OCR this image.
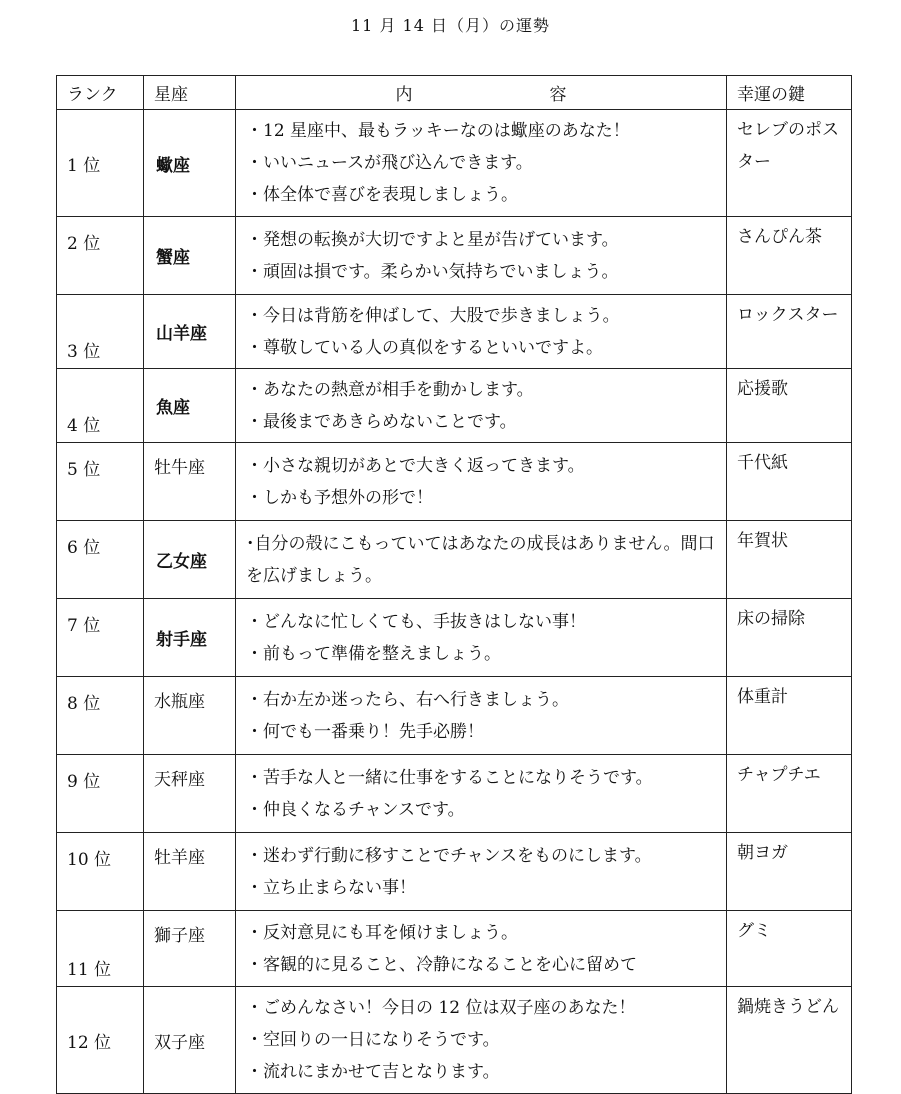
11 月 14 日（月）の運勢
ランク	星座	内　容	幸運の鍵
1 位	蠍座	・12 星座中、最もラッキーなのは蠍座のあなた！
・いいニュースが飛び込んできます。
・体全体で喜びを表現しましょう。	セレブのポスター
2 位	蟹座	・発想の転換が大切ですよと星が告げています。
・頑固は損です。柔らかい気持ちでいましょう。	さんぴん茶
3 位	山羊座	・今日は背筋を伸ばして、大股で歩きましょう。
・尊敬している人の真似をするといいですよ。	ロックスター
4 位	魚座	・あなたの熱意が相手を動かします。
・最後まであきらめないことです。	応援歌
5 位	牡牛座	・小さな親切があとで大きく返ってきます。
・しかも予想外の形で！	千代紙
6 位	乙女座	･自分の殻にこもっていてはあなたの成長はありません。間口を広げましょう。	年賀状
7 位	射手座	・どんなに忙しくても、手抜きはしない事！
・前もって準備を整えましょう。	床の掃除
8 位	水瓶座	・右か左か迷ったら、右へ行きましょう。
・何でも一番乗り！先手必勝！	体重計
9 位	天秤座	・苦手な人と一緒に仕事をすることになりそうです。
・仲良くなるチャンスです。	チャプチエ
10 位	牡羊座	・迷わず行動に移すことでチャンスをものにします。
・立ち止まらない事！	朝ヨガ
11 位	獅子座	・反対意見にも耳を傾けましょう。
・客観的に見ること、冷静になることを心に留めて	グミ
12 位	双子座	・ごめんなさい！今日の 12 位は双子座のあなた！
・空回りの一日になりそうです。
・流れにまかせて吉となります。	鍋焼きうどん
